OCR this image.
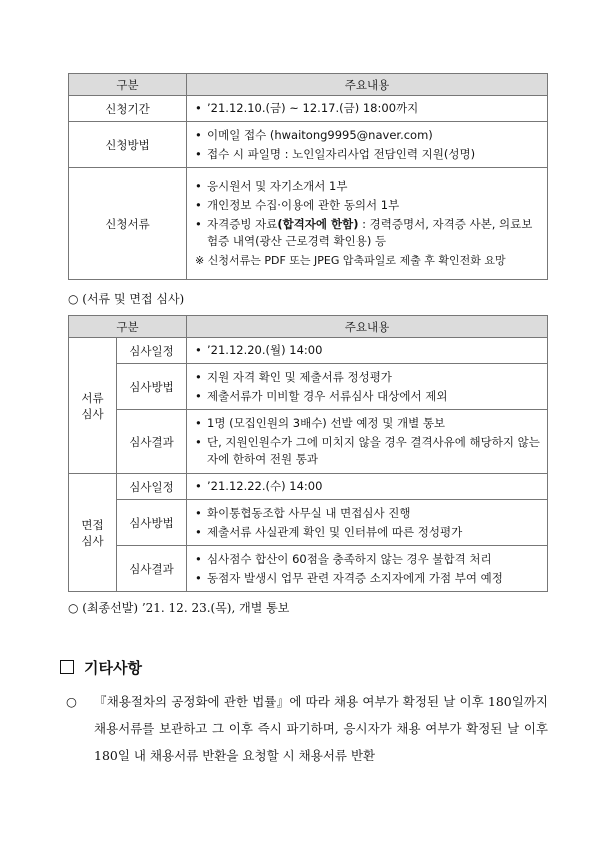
구분	주요내용
신청기간	• ’21.12.10.(금) ~ 12.17.(금) 18:00까지

신청방법	• 이메일 접수 (hwaitong9995@naver.com)
• 접수 시 파일명 : 노인일자리사업 전담인력 지원(성명)

신청서류	• 응시원서 및 자기소개서 1부
• 개인정보 수집·이용에 관한 동의서 1부
• 자격증빙 자료(합격자에 한함) : 경력증명서, 자격증 사본, 의료보험증 내역(광산 근로경력 확인용) 등
※ 신청서류는 PDF 또는 JPEG 압축파일로 제출 후 확인전화 요망
○ (서류 및 면접 심사)
구분		주요내용
서류
심사	심사일정	• ’21.12.20.(월) 14:00

	심사방법	• 지원 자격 확인 및 제출서류 정성평가
• 제출서류가 미비할 경우 서류심사 대상에서 제외

	심사결과	• 1명 (모집인원의 3배수) 선발 예정 및 개별 통보
• 단, 지원인원수가 그에 미치지 않을 경우 결격사유에 해당하지 않는 자에 한하여 전원 통과

면접
심사	심사일정	• ’21.12.22.(수) 14:00

	심사방법	• 화이통협동조합 사무실 내 면접심사 진행
• 제출서류 사실관계 확인 및 인터뷰에 따른 정성평가

	심사결과	• 심사점수 합산이 60점을 충족하지 않는 경우 불합격 처리
• 동점자 발생시 업무 관련 자격증 소지자에게 가점 부여 예정
○ (최종선발) ’21. 12. 23.(목), 개별 통보
기타사항
○ 『채용절차의 공정화에 관한 법률』에 따라 채용 여부가 확정된 날 이후 180일까지 채용서류를 보관하고 그 이후 즉시 파기하며, 응시자가 채용 여부가 확정된 날 이후 180일 내 채용서류 반환을 요청할 시 채용서류 반환
